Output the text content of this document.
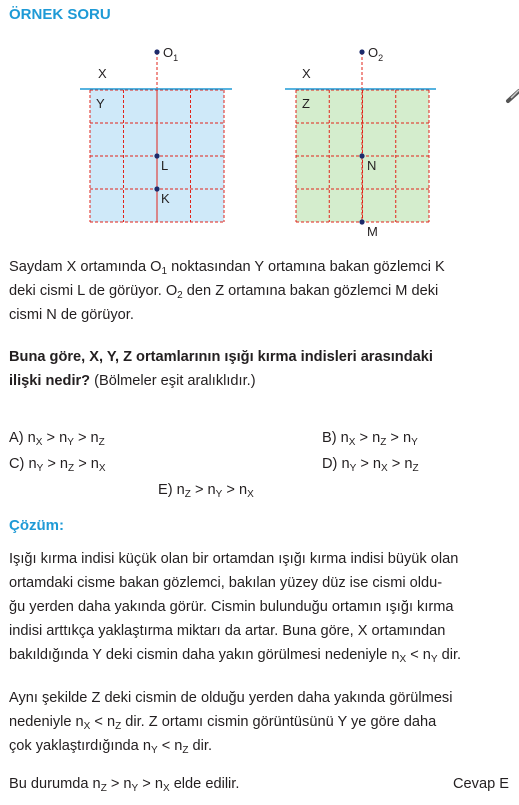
ÖRNEK SORU
$O_1$
X
Y
L
K
$O_2$
X
Z
N
M
Saydam X ortamında $O_1$ noktasından Y ortamına bakan gözlemci K
deki cismi L de görüyor. $O_2$ den Z ortamına bakan gözlemci M deki
cismi N de görüyor.
Buna göre, X, Y, Z ortamlarının ışığı kırma indisleri arasındaki
ilişki nedir? (Bölmeler eşit aralıklıdır.)
A) $n_X > n_Y > n_Z$	B) $n_X > n_Z > n_Y$
C) $n_Y > n_Z > n_X$	D) $n_Y > n_X > n_Z$
E) $n_Z > n_Y > n_X$
Çözüm:
Işığı kırma indisi küçük olan bir ortamdan ışığı kırma indisi büyük olan
ortamdaki cisme bakan gözlemci, bakılan yüzey düz ise cismi oldu-
ğu yerden daha yakında görür. Cismin bulunduğu ortamın ışığı kırma
indisi arttıkça yaklaştırma miktarı da artar. Buna göre, X ortamından
bakıldığında Y deki cismin daha yakın görülmesi nedeniyle $n_X < n_Y$ dir.
Aynı şekilde Z deki cismin de olduğu yerden daha yakında görülmesi
nedeniyle $n_X < n_Z$ dir. Z ortamı cismin görüntüsünü Y ye göre daha
çok yaklaştırdığında $n_Y < n_Z$ dir.
Bu durumda $n_Z > n_Y > n_X$ elde edilir.	Cevap E
